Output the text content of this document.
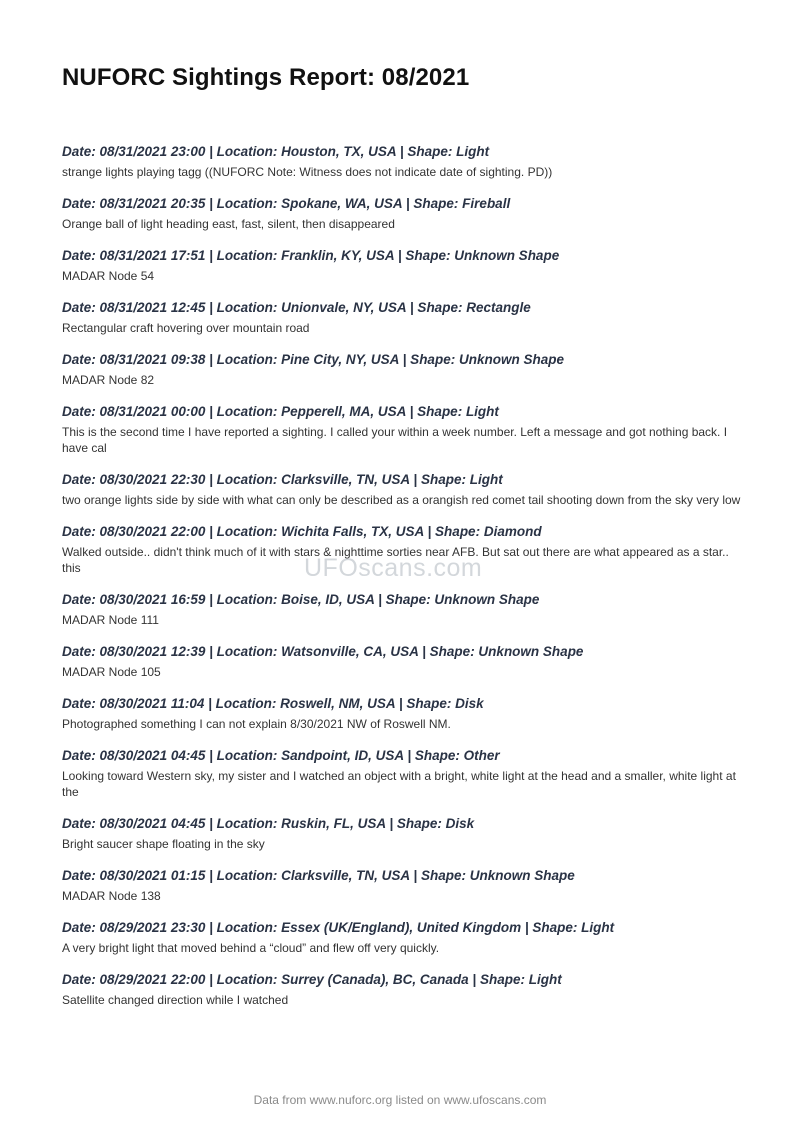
NUFORC Sightings Report: 08/2021
Date: 08/31/2021 23:00 | Location: Houston, TX, USA | Shape: Light
strange lights playing tagg ((NUFORC Note: Witness does not indicate date of sighting. PD))
Date: 08/31/2021 20:35 | Location: Spokane, WA, USA | Shape: Fireball
Orange ball of light heading east, fast, silent, then disappeared
Date: 08/31/2021 17:51 | Location: Franklin, KY, USA | Shape: Unknown Shape
MADAR Node 54
Date: 08/31/2021 12:45 | Location: Unionvale, NY, USA | Shape: Rectangle
Rectangular craft hovering over mountain road
Date: 08/31/2021 09:38 | Location: Pine City, NY, USA | Shape: Unknown Shape
MADAR Node 82
Date: 08/31/2021 00:00 | Location: Pepperell, MA, USA | Shape: Light
This is the second time I have reported a sighting. I called your within a week number. Left a message and got nothing back. I have cal
Date: 08/30/2021 22:30 | Location: Clarksville, TN, USA | Shape: Light
two orange lights side by side with what can only be described as a orangish red comet tail shooting down from the sky very low
Date: 08/30/2021 22:00 | Location: Wichita Falls, TX, USA | Shape: Diamond
Walked outside.. didn't think much of it with stars & nighttime sorties near AFB. But sat out there are what appeared as a star.. this
Date: 08/30/2021 16:59 | Location: Boise, ID, USA | Shape: Unknown Shape
MADAR Node 111
Date: 08/30/2021 12:39 | Location: Watsonville, CA, USA | Shape: Unknown Shape
MADAR Node 105
Date: 08/30/2021 11:04 | Location: Roswell, NM, USA | Shape: Disk
Photographed something I can not explain 8/30/2021 NW of Roswell NM.
Date: 08/30/2021 04:45 | Location: Sandpoint, ID, USA | Shape: Other
Looking toward Western sky, my sister and I watched an object with a bright, white light at the head and a smaller, white light at the
Date: 08/30/2021 04:45 | Location: Ruskin, FL, USA | Shape: Disk
Bright saucer shape floating in the sky
Date: 08/30/2021 01:15 | Location: Clarksville, TN, USA | Shape: Unknown Shape
MADAR Node 138
Date: 08/29/2021 23:30 | Location: Essex (UK/England), United Kingdom | Shape: Light
A very bright light that moved behind a “cloud” and flew off very quickly.
Date: 08/29/2021 22:00 | Location: Surrey (Canada), BC, Canada | Shape: Light
Satellite changed direction while I watched
UFOscans.com
Data from www.nuforc.org listed on www.ufoscans.com
